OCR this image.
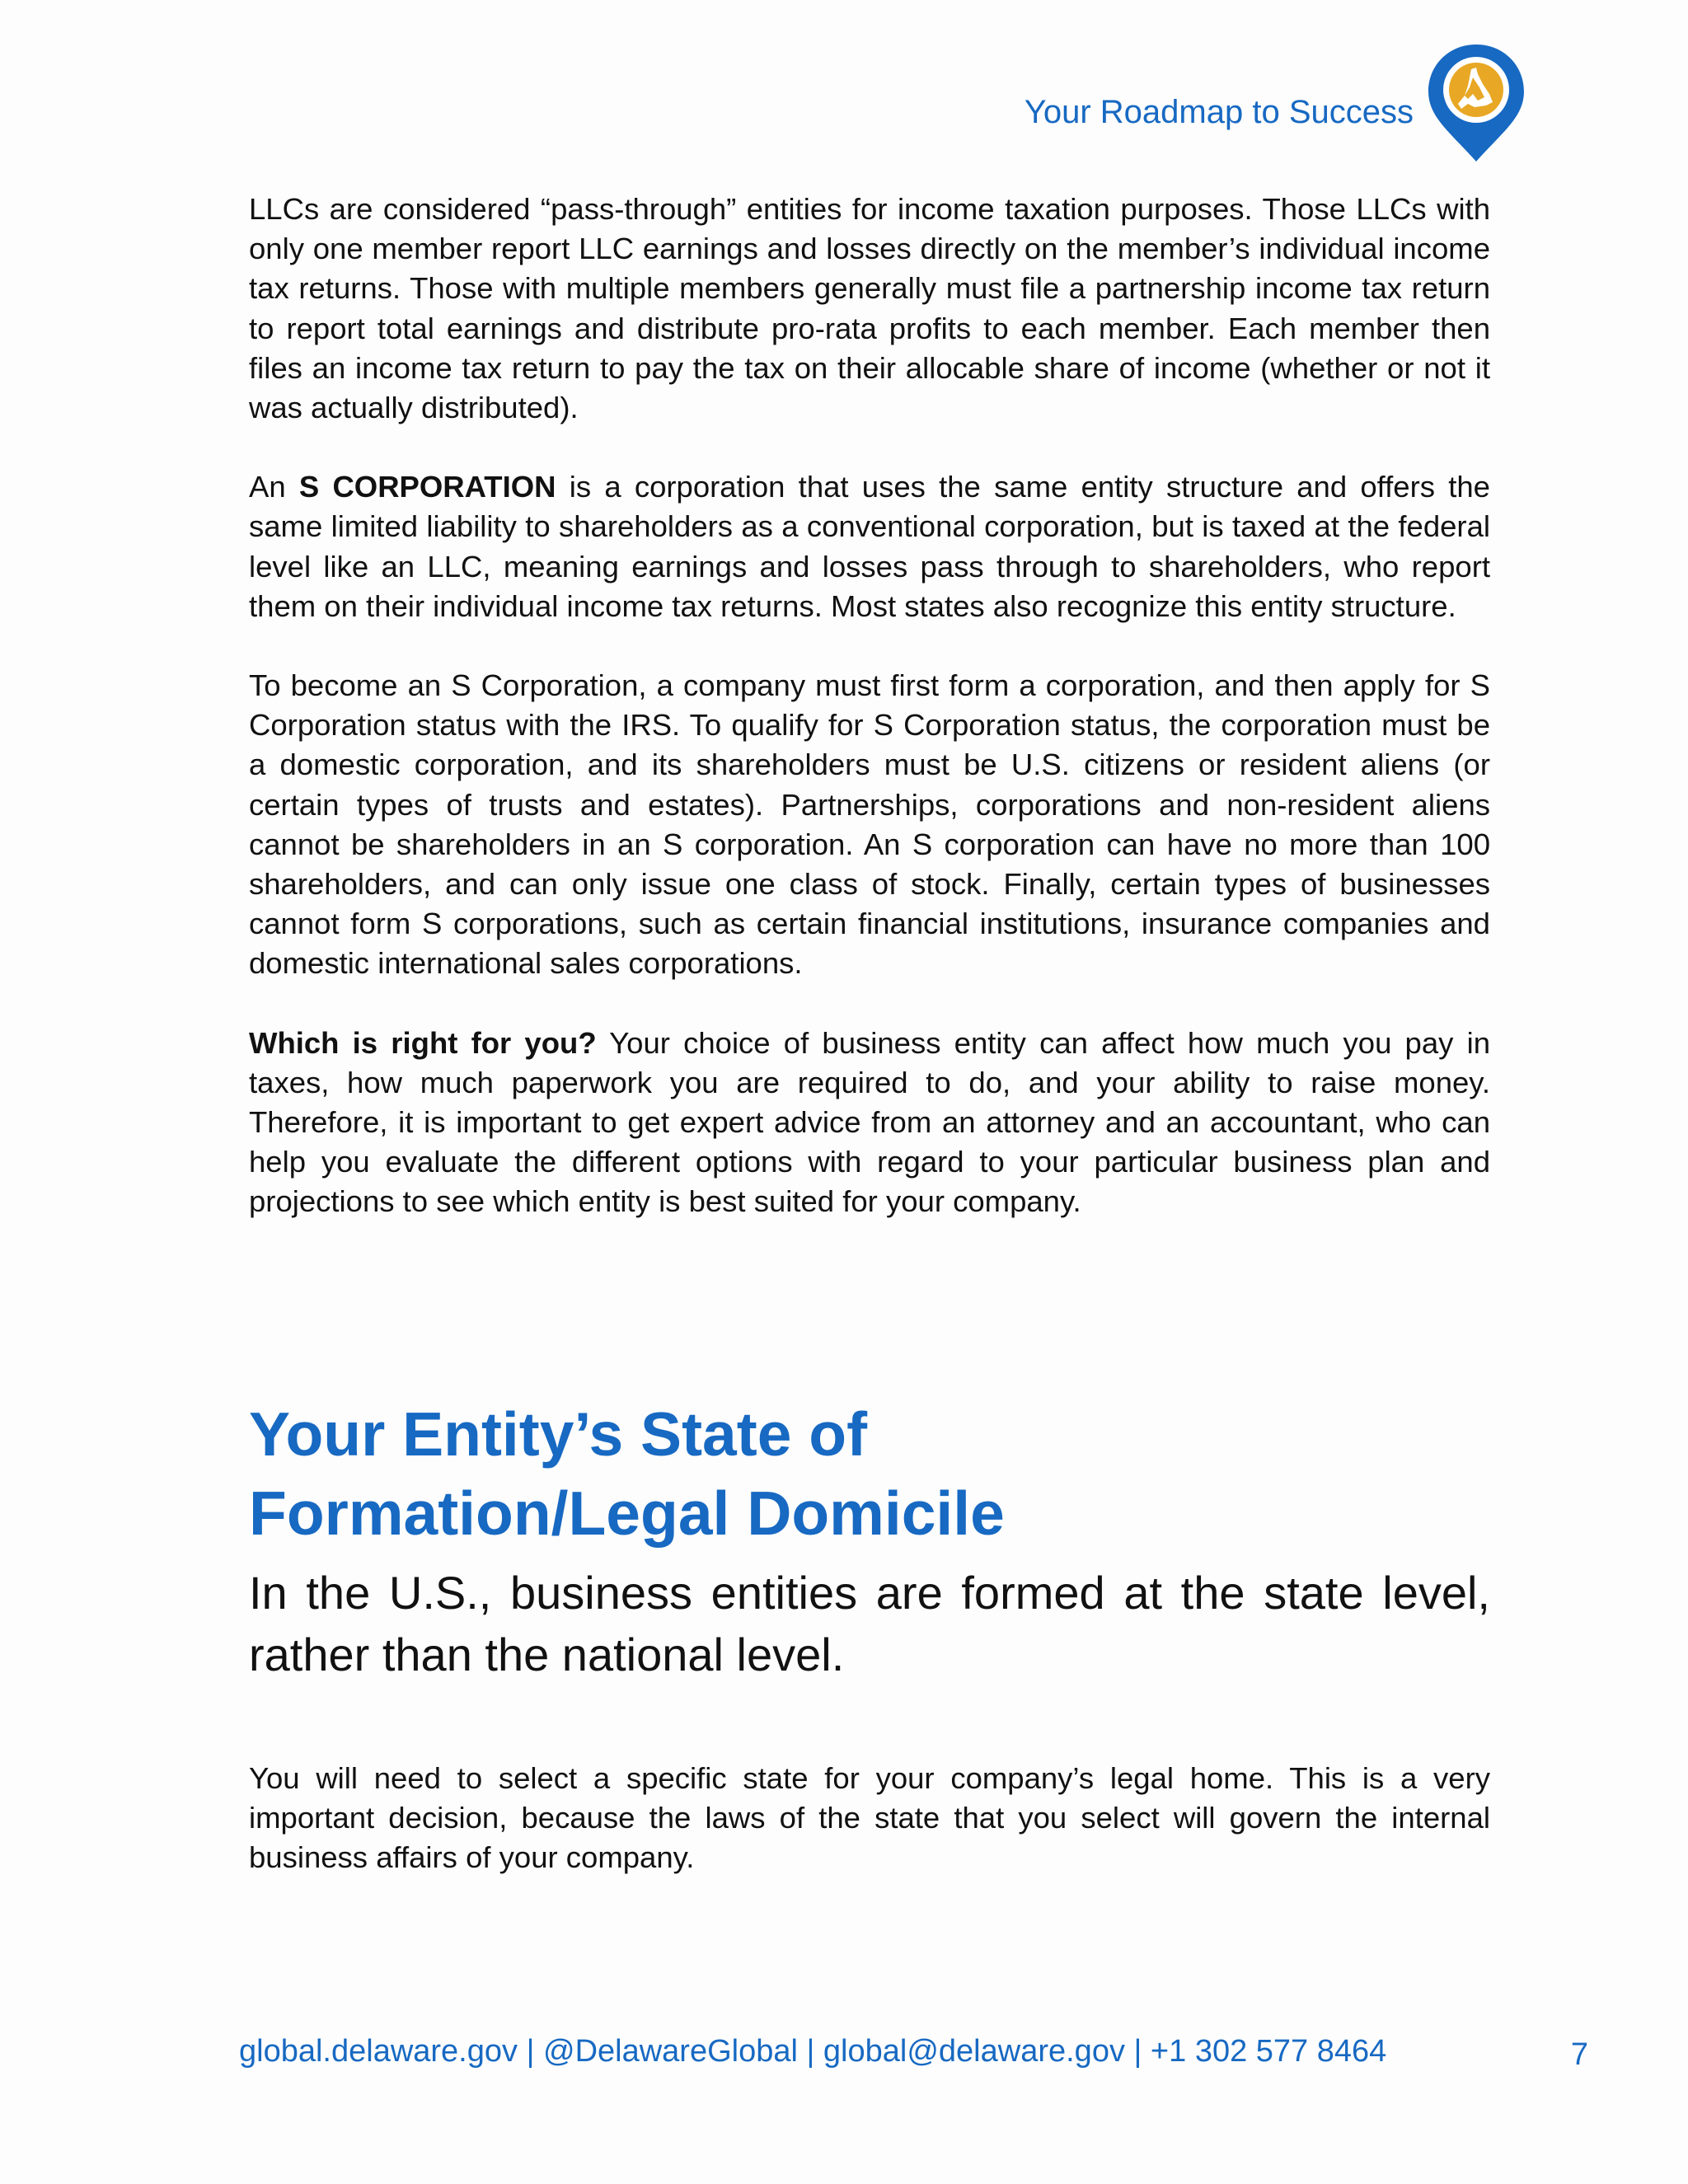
Your Roadmap to Success

LLCs are considered “pass-through” entities for income taxation purposes. Those LLCs with only one member report LLC earnings and losses directly on the member’s individual income tax returns. Those with multiple members generally must file a partnership income tax return to report total earnings and distribute pro-rata profits to each member. Each member then files an income tax return to pay the tax on their allocable share of income (whether or not it was actually distributed).

An S CORPORATION is a corporation that uses the same entity structure and offers the same limited liability to shareholders as a conventional corporation, but is taxed at the federal level like an LLC, meaning earnings and losses pass through to shareholders, who report them on their individual income tax returns. Most states also recognize this entity structure.

To become an S Corporation, a company must first form a corporation, and then apply for S Corporation status with the IRS. To qualify for S Corporation status, the corporation must be a domestic corporation, and its shareholders must be U.S. citizens or resident aliens (or certain types of trusts and estates). Partnerships, corporations and non-resident aliens cannot be shareholders in an S corporation. An S corporation can have no more than 100 shareholders, and can only issue one class of stock. Finally, certain types of businesses cannot form S corporations, such as certain financial institutions, insurance companies and domestic international sales corporations.

Which is right for you? Your choice of business entity can affect how much you pay in taxes, how much paperwork you are required to do, and your ability to raise money. Therefore, it is important to get expert advice from an attorney and an accountant, who can help you evaluate the different options with regard to your particular business plan and projections to see which entity is best suited for your company.

Your Entity’s State of
Formation/Legal Domicile

In the U.S., business entities are formed at the state level, rather than the national level.

You will need to select a specific state for your company’s legal home. This is a very important decision, because the laws of the state that you select will govern the internal business affairs of your company.

global.delaware.gov | @DelawareGlobal | global@delaware.gov | +1 302 577 8464	7
